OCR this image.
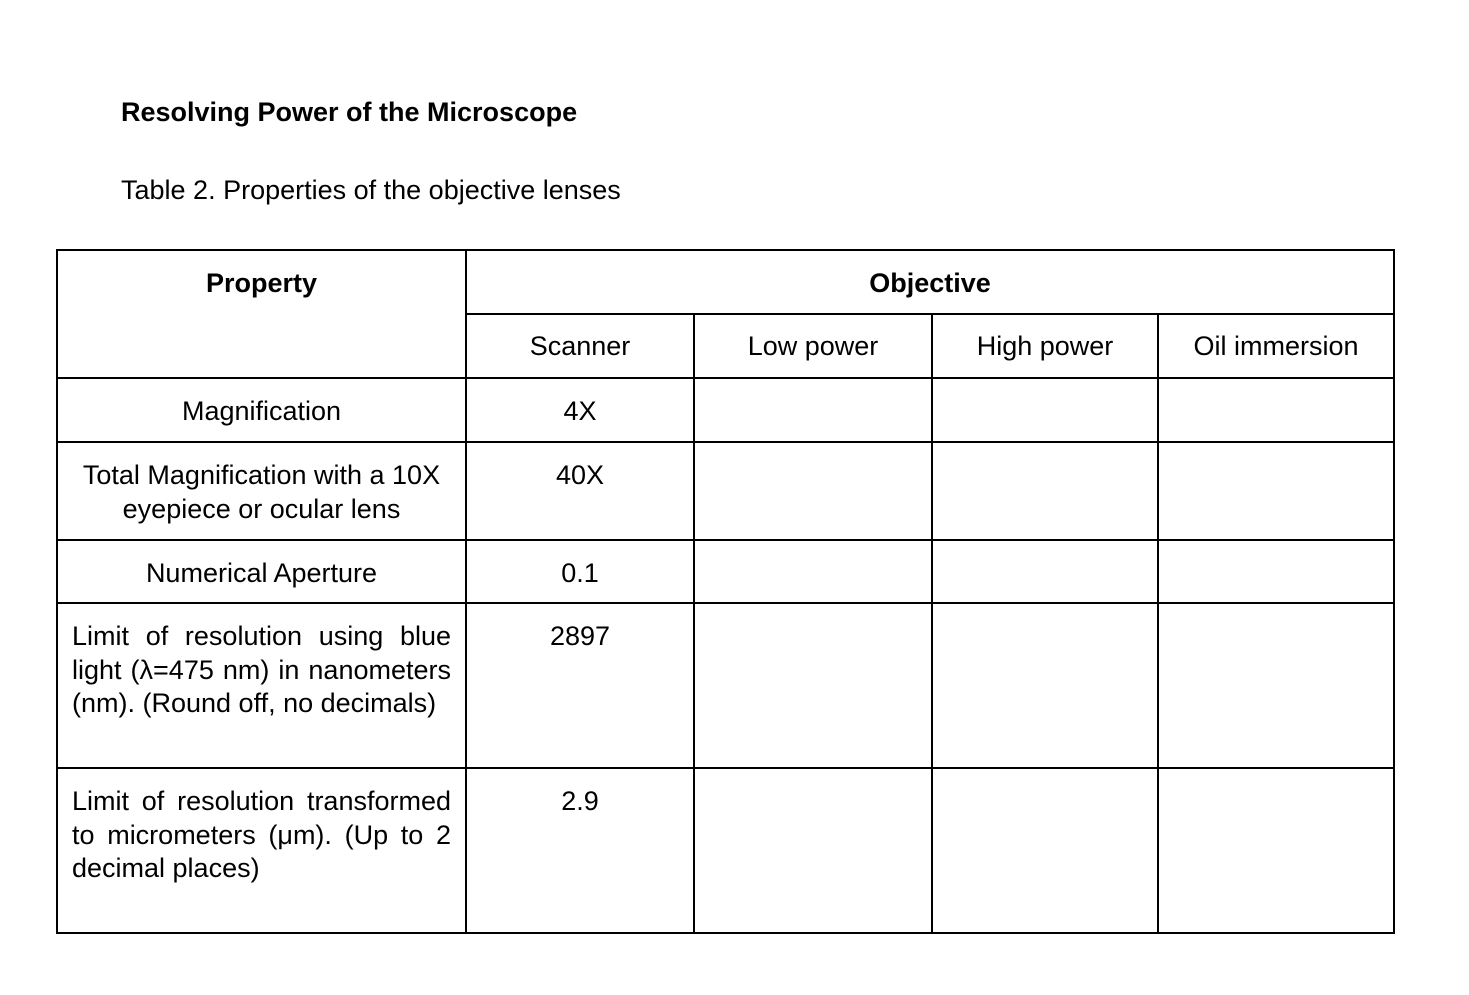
Resolving Power of the Microscope
Table 2. Properties of the objective lenses
Property	Objective			
	Scanner	Low power	High power	Oil immersion
Magnification	4X			
Total Magnification with a 10X eyepiece or ocular lens	40X			
Numerical Aperture	0.1			
Limit of resolution using blue light (λ=475 nm) in nanometers (nm). (Round off, no decimals)	2897			
Limit of resolution transformed to micrometers (μm). (Up to 2 decimal places)	2.9			
